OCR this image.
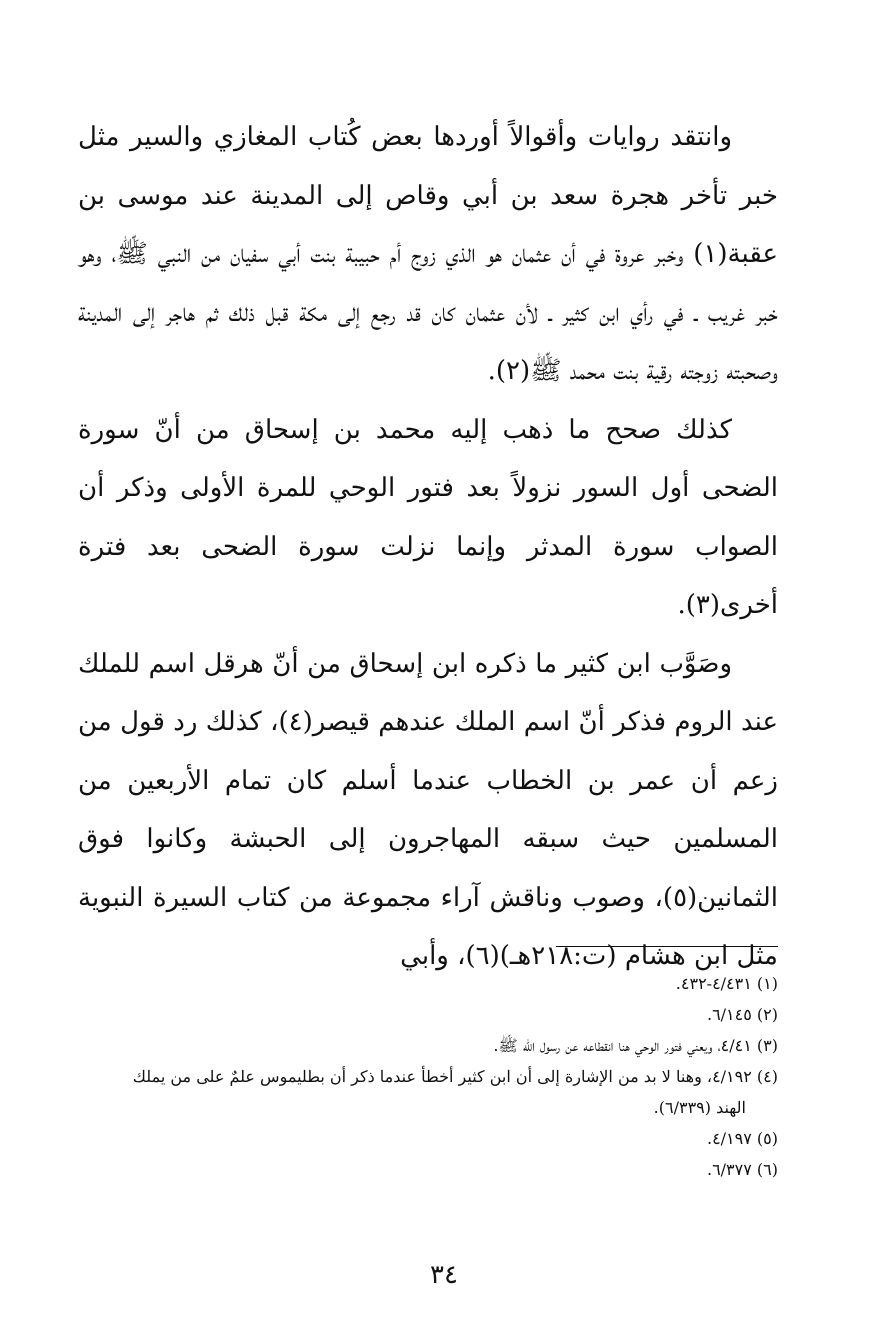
وانتقد روايات وأقوالاً أوردها بعض كُتاب المغازي والسير مثل خبر تأخر هجرة سعد بن أبي وقاص إلى المدينة عند موسى بن عقبة(١) وخبر عروة في أن عثمان هو الذي زوج أم حبيبة بنت أبي سفيان من النبي ﷺ، وهو خبر غريب ـ في رأي ابن كثير ـ لأن عثمان كان قد رجع إلى مكة قبل ذلك ثم هاجر إلى المدينة وصحبته زوجته رقية بنت محمد ﷺ(٢).

كذلك صحح ما ذهب إليه محمد بن إسحاق من أنّ سورة الضحى أول السور نزولاً بعد فتور الوحي للمرة الأولى وذكر أن الصواب سورة المدثر وإنما نزلت سورة الضحى بعد فترة أخرى(٣).

وصَوَّب ابن كثير ما ذكره ابن إسحاق من أنّ هرقل اسم للملك عند الروم فذكر أنّ اسم الملك عندهم قيصر(٤)، كذلك رد قول من زعم أن عمر بن الخطاب عندما أسلم كان تمام الأربعين من المسلمين حيث سبقه المهاجرون إلى الحبشة وكانوا فوق الثمانين(٥)، وصوب وناقش آراء مجموعة من كتاب السيرة النبوية مثل ابن هشام (ت:٢١٨هـ)(٦)، وأبي

(١) ٤/٤٣١-٤٣٢.

(٢) ٦/١٤٥.

(٣) ٤/٤١، ويعني فتور الوحي هنا انقطاعه عن رسول الله ﷺ.

(٤) ٤/١٩٢، وهنا لا بد من الإشارة إلى أن ابن كثير أخطأ عندما ذكر أن بطليموس علمٌ على من يملك

الهند (٦/٣٣٩).

(٥) ٤/١٩٧.

(٦) ٦/٣٧٧.

٣٤
